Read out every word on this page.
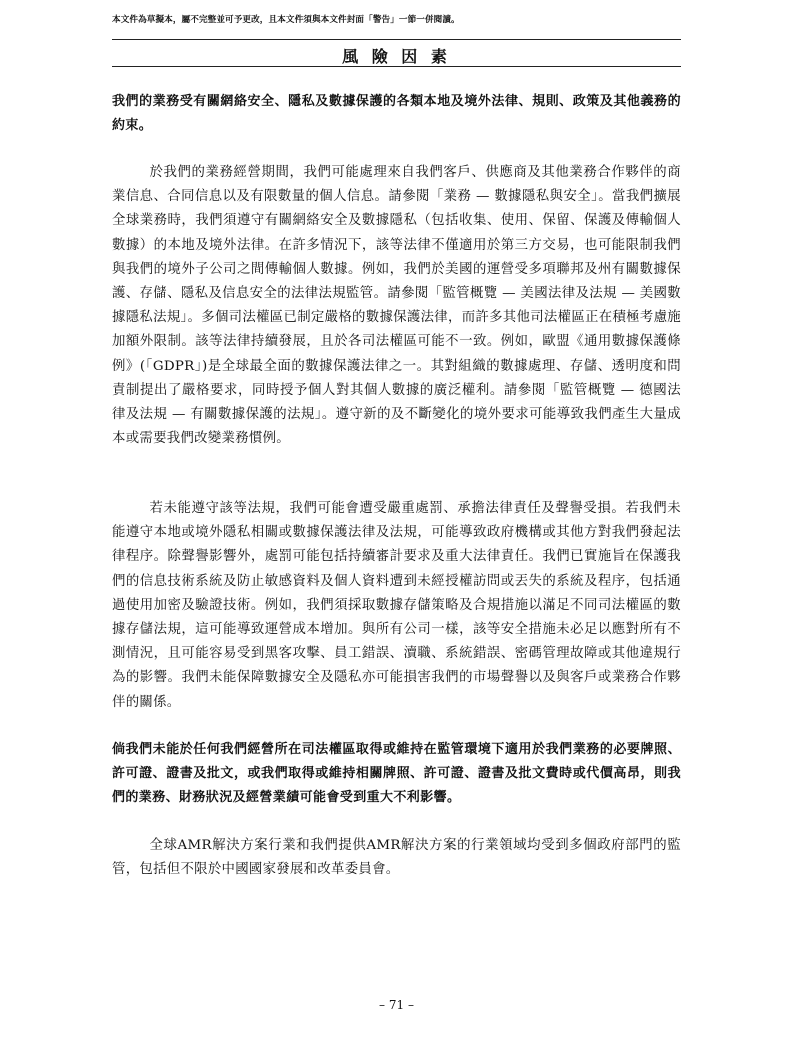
本文件為草擬本，屬不完整並可予更改，且本文件須與本文件封面「警告」一節一併閱讀。
風 險 因 素
我們的業務受有關網絡安全、隱私及數據保護的各類本地及境外法律、規則、政策及其他義務的約束。
於我們的業務經營期間，我們可能處理來自我們客戶、供應商及其他業務合作夥伴的商業信息、合同信息以及有限數量的個人信息。請參閱「業務 — 數據隱私與安全」。當我們擴展全球業務時，我們須遵守有關網絡安全及數據隱私（包括收集、使用、保留、保護及傳輸個人數據）的本地及境外法律。在許多情況下，該等法律不僅適用於第三方交易，也可能限制我們與我們的境外子公司之間傳輸個人數據。例如，我們於美國的運營受多項聯邦及州有關數據保護、存儲、隱私及信息安全的法律法規監管。請參閱「監管概覽 — 美國法律及法規 — 美國數據隱私法規」。多個司法權區已制定嚴格的數據保護法律，而許多其他司法權區正在積極考慮施加額外限制。該等法律持續發展，且於各司法權區可能不一致。例如，歐盟《通用數據保護條例》(「GDPR」)是全球最全面的數據保護法律之一。其對組織的數據處理、存儲、透明度和問責制提出了嚴格要求，同時授予個人對其個人數據的廣泛權利。請參閱「監管概覽 — 德國法律及法規 — 有關數據保護的法規」。遵守新的及不斷變化的境外要求可能導致我們產生大量成本或需要我們改變業務慣例。
若未能遵守該等法規，我們可能會遭受嚴重處罰、承擔法律責任及聲譽受損。若我們未能遵守本地或境外隱私相關或數據保護法律及法規，可能導致政府機構或其他方對我們發起法律程序。除聲譽影響外，處罰可能包括持續審計要求及重大法律責任。我們已實施旨在保護我們的信息技術系統及防止敏感資料及個人資料遭到未經授權訪問或丟失的系統及程序，包括通過使用加密及驗證技術。例如，我們須採取數據存儲策略及合規措施以滿足不同司法權區的數據存儲法規，這可能導致運營成本增加。與所有公司一樣，該等安全措施未必足以應對所有不測情況，且可能容易受到黑客攻擊、員工錯誤、瀆職、系統錯誤、密碼管理故障或其他違規行為的影響。我們未能保障數據安全及隱私亦可能損害我們的市場聲譽以及與客戶或業務合作夥伴的關係。
倘我們未能於任何我們經營所在司法權區取得或維持在監管環境下適用於我們業務的必要牌照、許可證、證書及批文，或我們取得或維持相關牌照、許可證、證書及批文費時或代價高昂，則我們的業務、財務狀況及經營業績可能會受到重大不利影響。
全球AMR解決方案行業和我們提供AMR解決方案的行業領域均受到多個政府部門的監管，包括但不限於中國國家發展和改革委員會。
– 71 –
